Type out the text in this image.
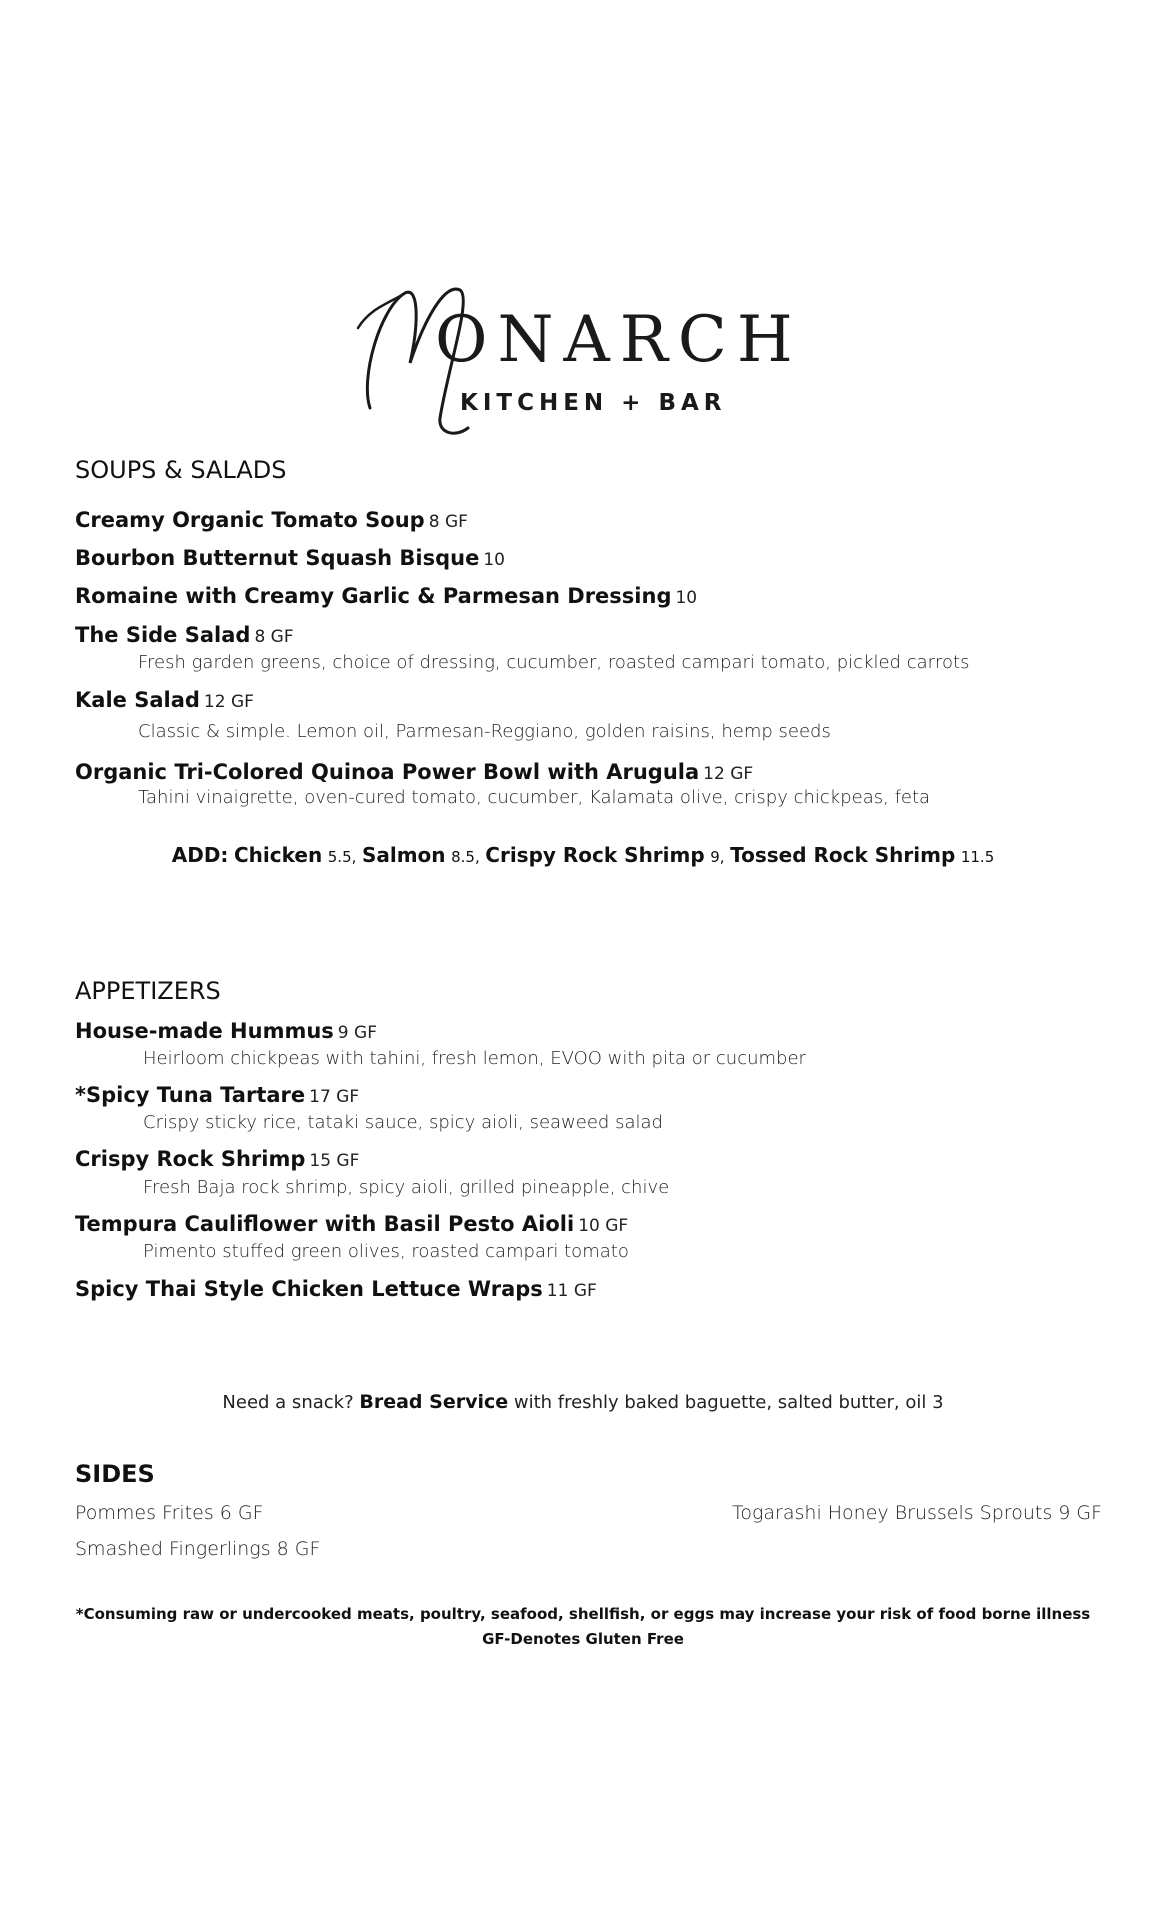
ONARCH
KITCHEN + BAR
SOUPS & SALADS
Creamy Organic Tomato Soup 8 GF
Bourbon Butternut Squash Bisque 10
Romaine with Creamy Garlic & Parmesan Dressing 10
The Side Salad 8 GF
Fresh garden greens, choice of dressing, cucumber, roasted campari tomato, pickled carrots
Kale Salad 12 GF
Classic & simple. Lemon oil, Parmesan-Reggiano, golden raisins, hemp seeds
Organic Tri-Colored Quinoa Power Bowl with Arugula 12 GF
Tahini vinaigrette, oven-cured tomato, cucumber, Kalamata olive, crispy chickpeas, feta
ADD: Chicken 5.5, Salmon 8.5, Crispy Rock Shrimp 9, Tossed Rock Shrimp 11.5
APPETIZERS
House-made Hummus 9 GF
Heirloom chickpeas with tahini, fresh lemon, EVOO with pita or cucumber
*Spicy Tuna Tartare 17 GF
Crispy sticky rice, tataki sauce, spicy aioli, seaweed salad
Crispy Rock Shrimp 15 GF
Fresh Baja rock shrimp, spicy aioli, grilled pineapple, chive
Tempura Cauliflower with Basil Pesto Aioli 10 GF
Pimento stuffed green olives, roasted campari tomato
Spicy Thai Style Chicken Lettuce Wraps 11 GF
Need a snack? Bread Service with freshly baked baguette, salted butter, oil 3
SIDES
Pommes Frites 6 GF	Togarashi Honey Brussels Sprouts 9 GF
Smashed Fingerlings 8 GF
*Consuming raw or undercooked meats, poultry, seafood, shellfish, or eggs may increase your risk of food borne illness
GF-Denotes Gluten Free
